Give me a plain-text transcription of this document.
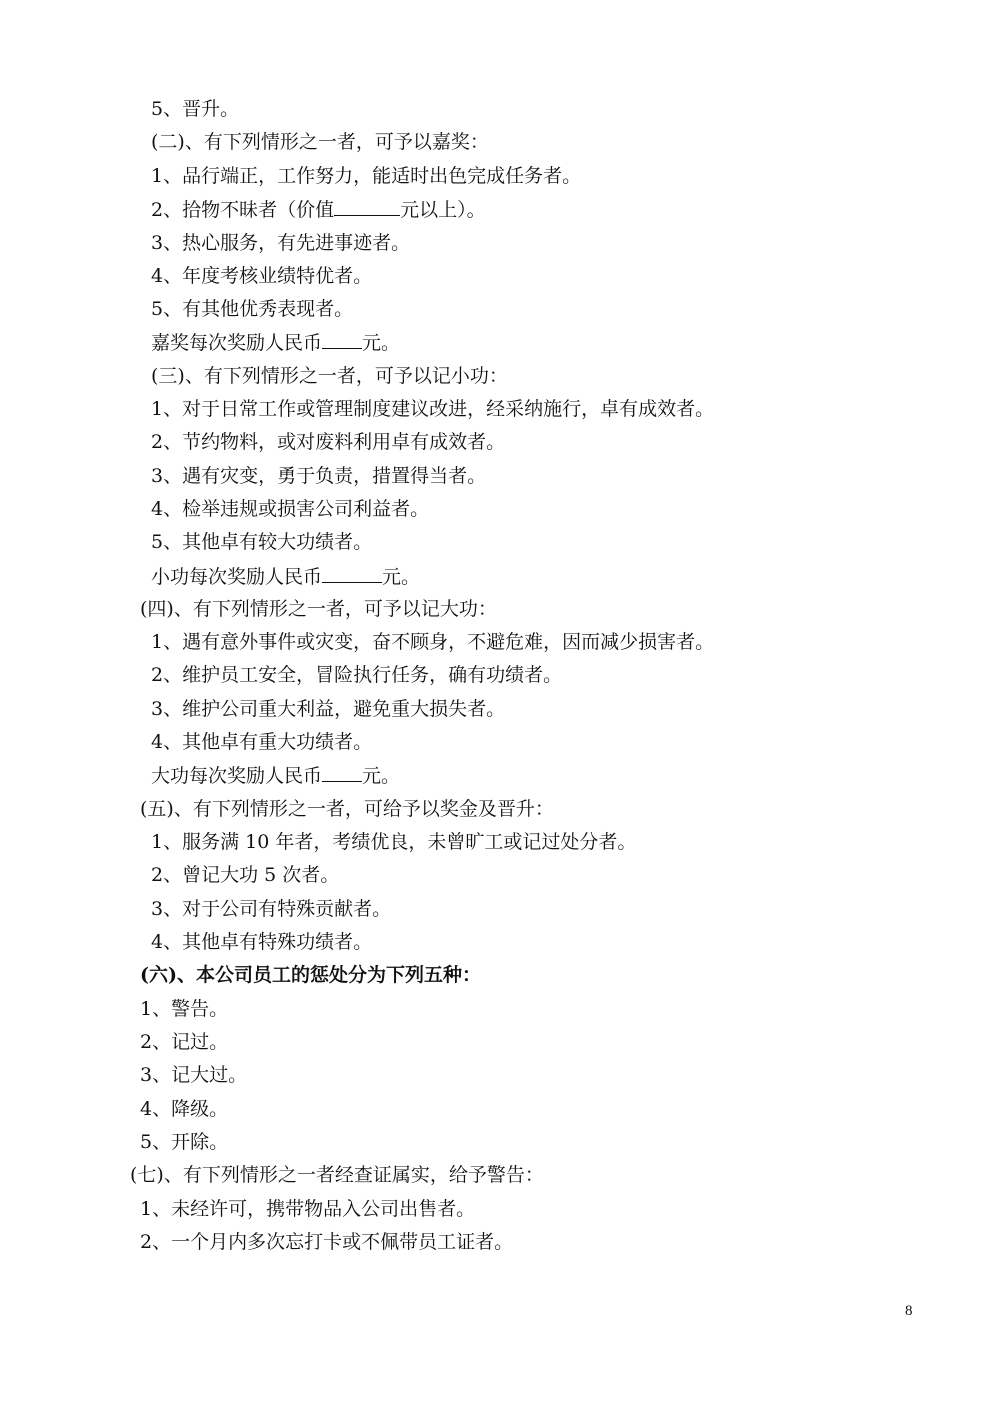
5、晋升。
(二)、有下列情形之一者，可予以嘉奖：
1、品行端正，工作努力，能适时出色完成任务者。
2、拾物不昧者（价值	元以上）。
3、热心服务，有先进事迹者。
4、年度考核业绩特优者。
5、有其他优秀表现者。
嘉奖每次奖励人民币 元。
(三)、有下列情形之一者，可予以记小功：
1、对于日常工作或管理制度建议改进，经采纳施行，卓有成效者。
2、节约物料，或对废料利用卓有成效者。
3、遇有灾变，勇于负责，措置得当者。
4、检举违规或损害公司利益者。
5、其他卓有较大功绩者。
小功每次奖励人民币	元。
(四)、有下列情形之一者，可予以记大功：
1、遇有意外事件或灾变，奋不顾身，不避危难，因而减少损害者。
2、维护员工安全，冒险执行任务，确有功绩者。
3、维护公司重大利益，避免重大损失者。
4、其他卓有重大功绩者。
大功每次奖励人民币 元。
(五)、有下列情形之一者，可给予以奖金及晋升：
1、服务满 10 年者，考绩优良，未曾旷工或记过处分者。
2、曾记大功 5 次者。
3、对于公司有特殊贡献者。
4、其他卓有特殊功绩者。
(六)、本公司员工的惩处分为下列五种：
1、警告。
2、记过。
3、记大过。
4、降级。
5、开除。
(七)、有下列情形之一者经查证属实，给予警告：
1、未经许可，携带物品入公司出售者。
2、一个月内多次忘打卡或不佩带员工证者。
8
